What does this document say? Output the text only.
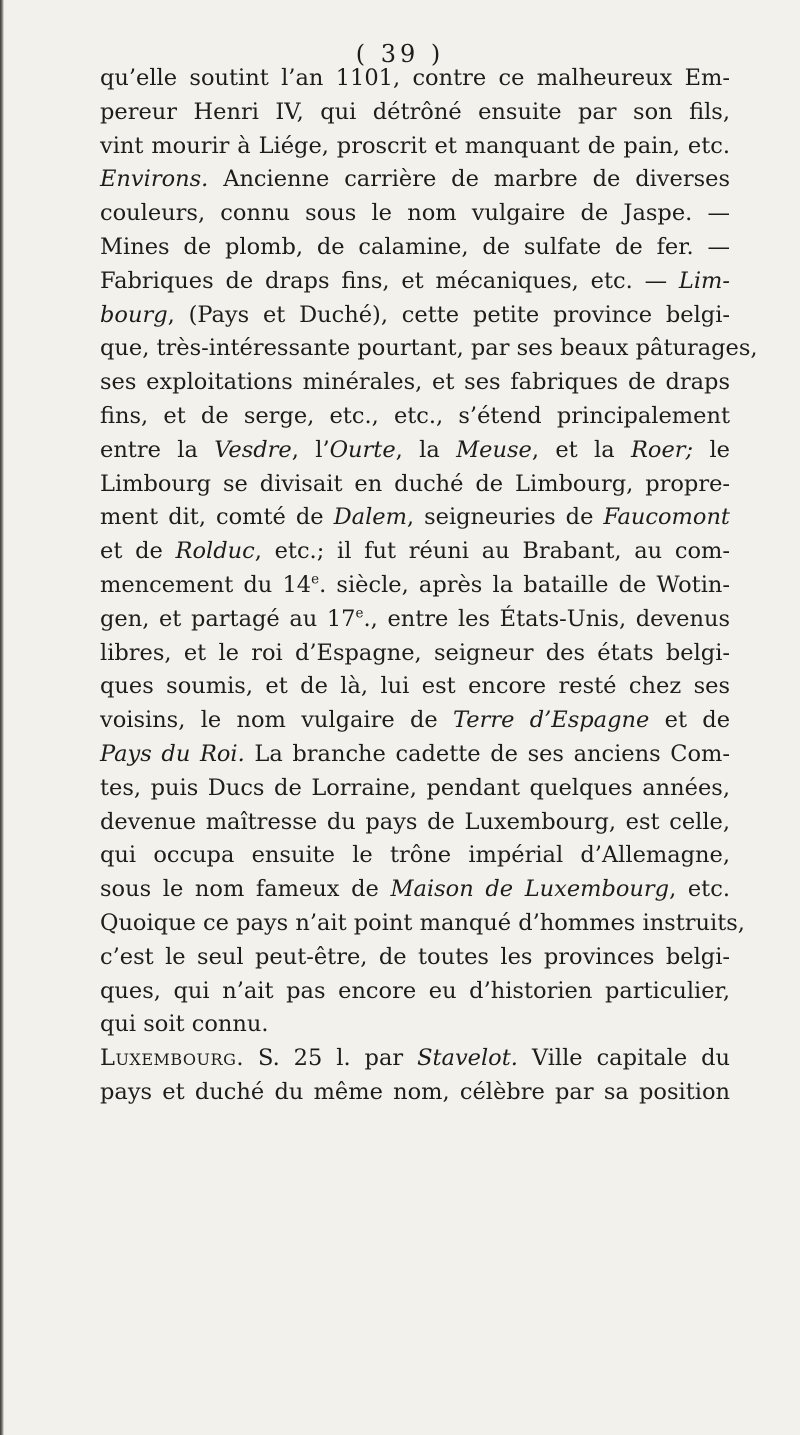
( 39 )
qu’elle soutint l’an 1101, contre ce malheureux Em-
pereur Henri IV, qui détrôné ensuite par son fils,
vint mourir à Liége, proscrit et manquant de pain, etc.
Environs. Ancienne carrière de marbre de diverses
couleurs, connu sous le nom vulgaire de Jaspe. —
Mines de plomb, de calamine, de sulfate de fer. —
Fabriques de draps fins, et mécaniques, etc. — Lim-
bourg, (Pays et Duché), cette petite province belgi-
que, très-intéressante pourtant, par ses beaux pâturages,
ses exploitations minérales, et ses fabriques de draps
fins, et de serge, etc., etc., s’étend principalement
entre la Vesdre, l’Ourte, la Meuse, et la Roer; le
Limbourg se divisait en duché de Limbourg, propre-
ment dit, comté de Dalem, seigneuries de Faucomont
et de Rolduc, etc.; il fut réuni au Brabant, au com-
mencement du 14e. siècle, après la bataille de Wotin-
gen, et partagé au 17e., entre les États-Unis, devenus
libres, et le roi d’Espagne, seigneur des états belgi-
ques soumis, et de là, lui est encore resté chez ses
voisins, le nom vulgaire de Terre d’Espagne et de
Pays du Roi. La branche cadette de ses anciens Com-
tes, puis Ducs de Lorraine, pendant quelques années,
devenue maîtresse du pays de Luxembourg, est celle,
qui occupa ensuite le trône impérial d’Allemagne,
sous le nom fameux de Maison de Luxembourg, etc.
Quoique ce pays n’ait point manqué d’hommes instruits,
c’est le seul peut-être, de toutes les provinces belgi-
ques, qui n’ait pas encore eu d’historien particulier,
qui soit connu.
Luxembourg. S. 25 l. par Stavelot. Ville capitale du
pays et duché du même nom, célèbre par sa position
